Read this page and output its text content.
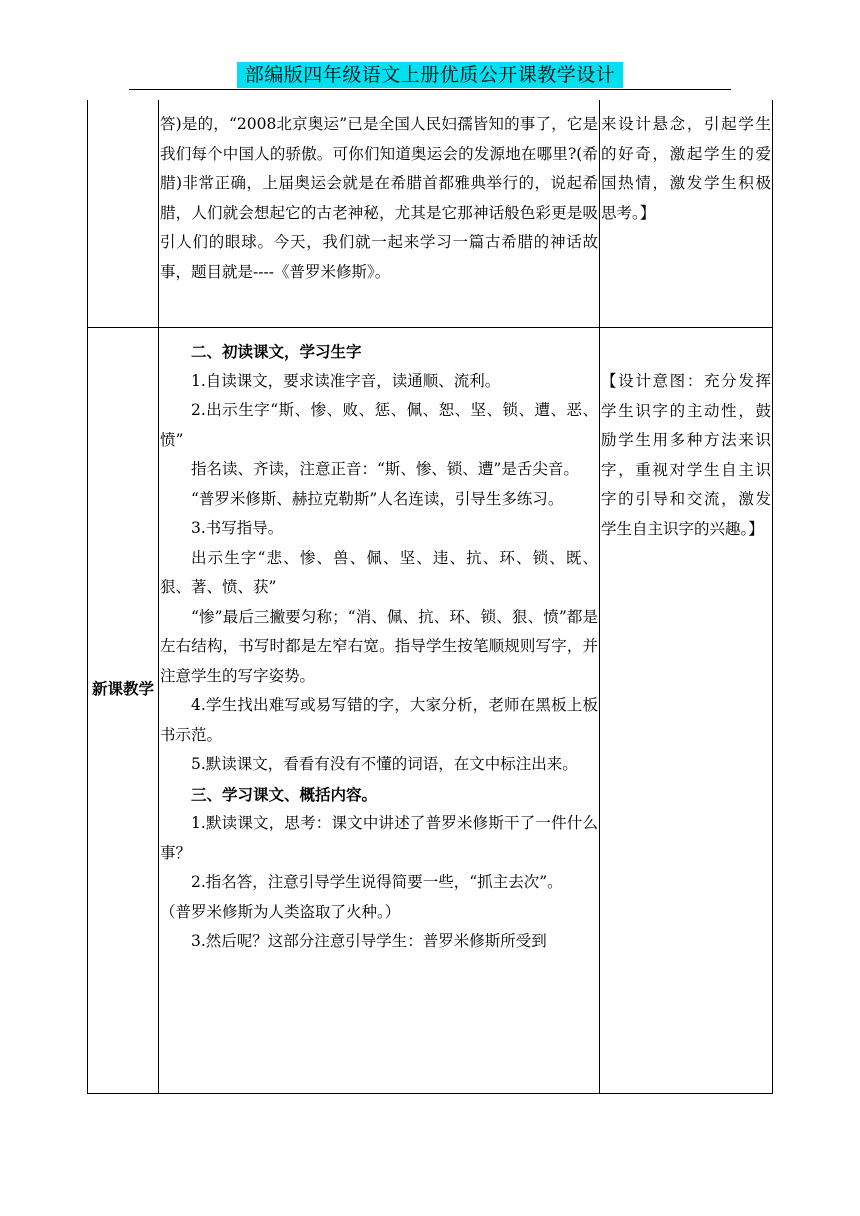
部编版四年级语文上册优质公开课教学设计

答)是的，“2008北京奥运”已是全国人民妇孺皆知的事了，它是我们每个中国人的骄傲。可你们知道奥运会的发源地在哪里?(希腊)非常正确，上届奥运会就是在希腊首都雅典举行的，说起希腊，人们就会想起它的古老神秘，尤其是它那神话般色彩更是吸引人们的眼球。今天，我们就一起来学习一篇古希腊的神话故事，题目就是----《普罗米修斯》。

来设计悬念，引起学生的好奇，激起学生的爱国热情，激发学生积极思考。】

新课教学

二、初读课文，学习生字

1.自读课文，要求读准字音，读通顺、流利。

2.出示生字“斯、惨、败、惩、佩、恕、坚、锁、遭、恶、愤”

指名读、齐读，注意正音：“斯、惨、锁、遭”是舌尖音。

“普罗米修斯、赫拉克勒斯”人名连读，引导生多练习。

3.书写指导。

出示生字“悲、惨、兽、佩、坚、违、抗、环、锁、既、狠、著、愤、获”

“惨”最后三撇要匀称；“消、佩、抗、环、锁、狠、愤”都是左右结构，书写时都是左窄右宽。指导学生按笔顺规则写字，并注意学生的写字姿势。

4.学生找出难写或易写错的字，大家分析，老师在黑板上板书示范。

5.默读课文，看看有没有不懂的词语，在文中标注出来。

三、学习课文、概括内容。

1.默读课文，思考：课文中讲述了普罗米修斯干了一件什么事？

2.指名答，注意引导学生说得简要一些，“抓主去次”。

（普罗米修斯为人类盗取了火种。）

3.然后呢？这部分注意引导学生：普罗米修斯所受到

【设计意图：充分发挥学生识字的主动性，鼓励学生用多种方法来识字，重视对学生自主识字的引导和交流，激发学生自主识字的兴趣。】
